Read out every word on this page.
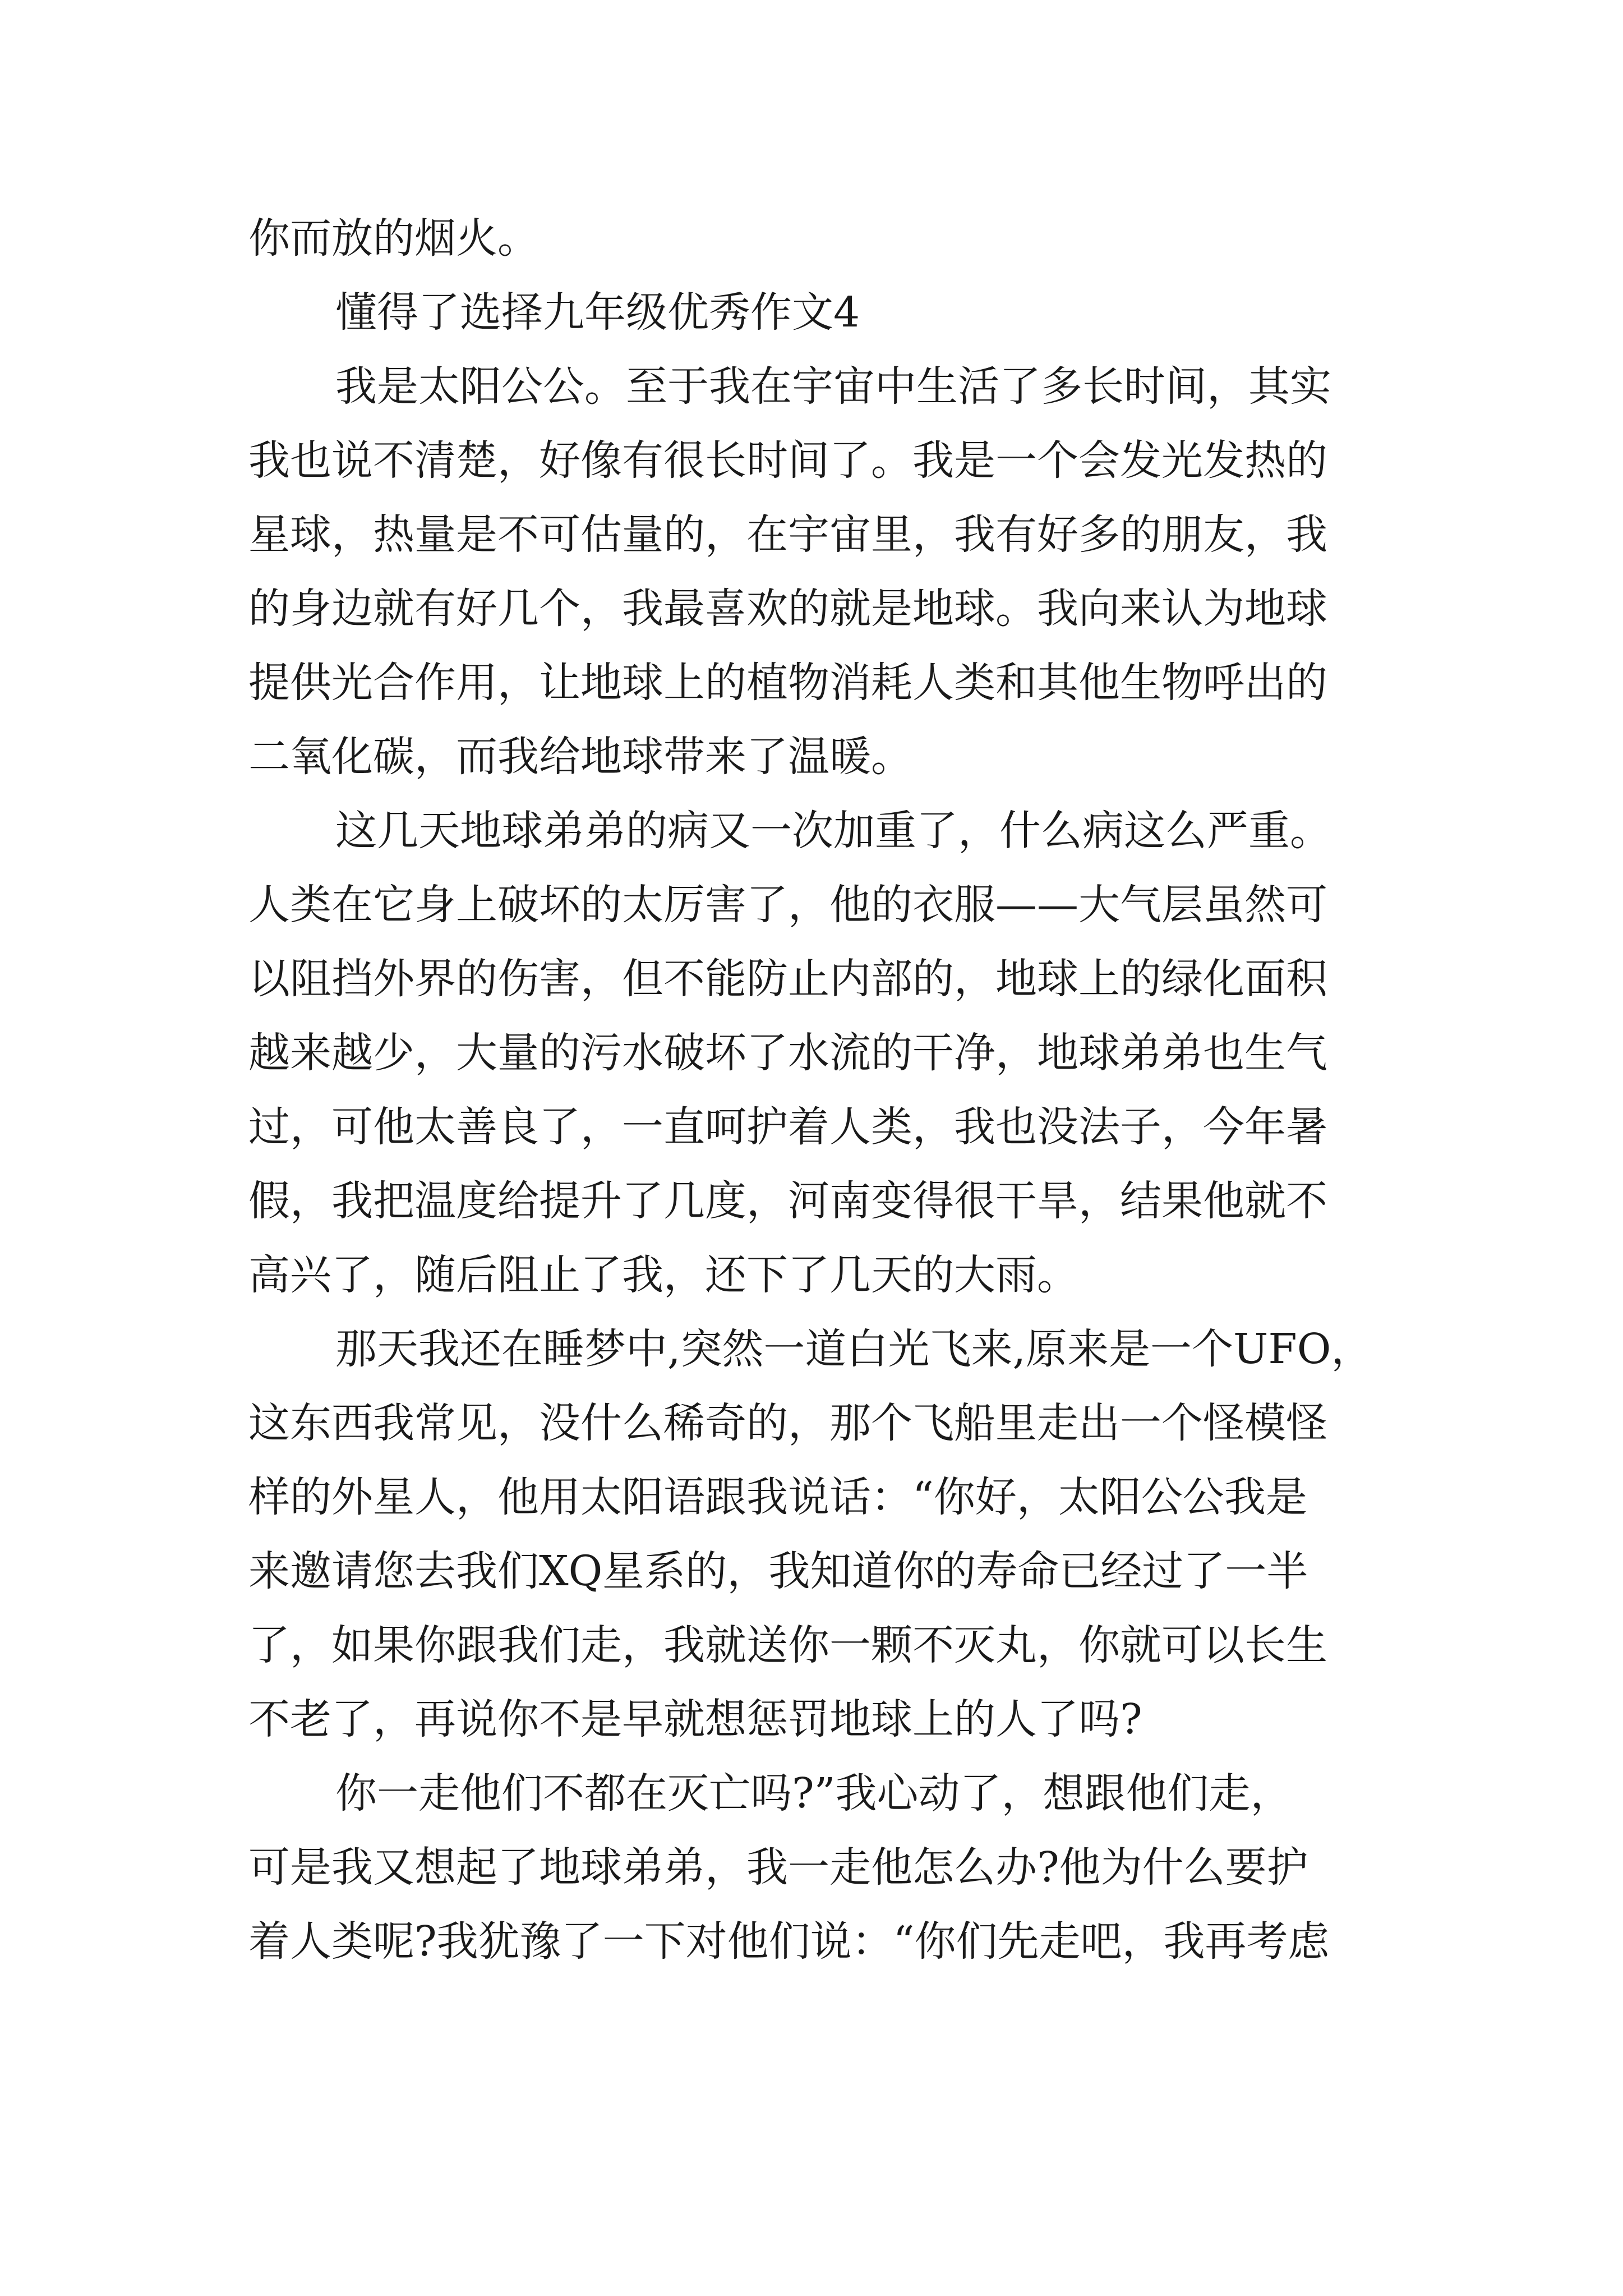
你而放的烟火。
懂得了选择九年级优秀作文4
我是太阳公公。至于我在宇宙中生活了多长时间，其实
我也说不清楚，好像有很长时间了。我是一个会发光发热的
星球，热量是不可估量的，在宇宙里，我有好多的朋友，我
的身边就有好几个，我最喜欢的就是地球。我向来认为地球
提供光合作用，让地球上的植物消耗人类和其他生物呼出的
二氧化碳，而我给地球带来了温暖。
这几天地球弟弟的病又一次加重了，什么病这么严重。
人类在它身上破坏的太厉害了，他的衣服——大气层虽然可
以阻挡外界的伤害，但不能防止内部的，地球上的绿化面积
越来越少，大量的污水破坏了水流的干净，地球弟弟也生气
过，可他太善良了，一直呵护着人类，我也没法子，今年暑
假，我把温度给提升了几度，河南变得很干旱，结果他就不
高兴了，随后阻止了我，还下了几天的大雨。
那天我还在睡梦中,突然一道白光飞来,原来是一个UFO，
这东西我常见，没什么稀奇的，那个飞船里走出一个怪模怪
样的外星人，他用太阳语跟我说话：“你好，太阳公公我是
来邀请您去我们XQ星系的，我知道你的寿命已经过了一半
了，如果你跟我们走，我就送你一颗不灭丸，你就可以长生
不老了，再说你不是早就想惩罚地球上的人了吗?
你一走他们不都在灭亡吗?”我心动了，想跟他们走，
可是我又想起了地球弟弟，我一走他怎么办?他为什么要护
着人类呢?我犹豫了一下对他们说：“你们先走吧，我再考虑
